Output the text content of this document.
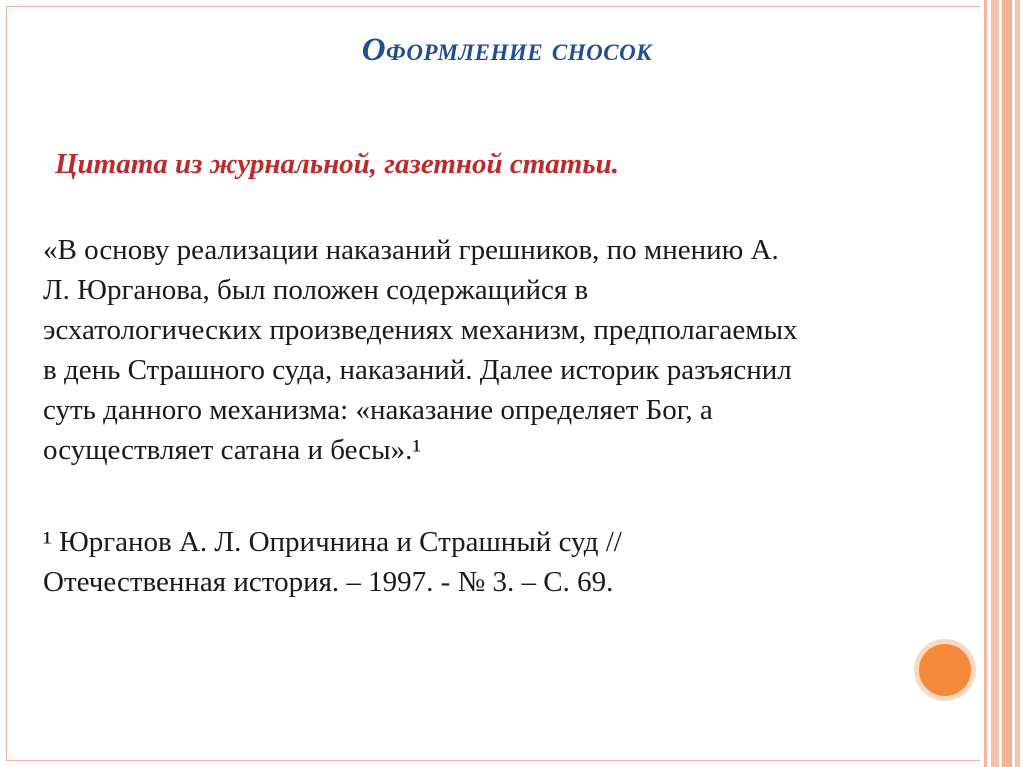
Оформление сносок
Цитата из журнальной, газетной статьи.

«В основу реализации наказаний грешников, по мнению А.
Л. Юрганова, был положен содержащийся в
эсхатологических произведениях механизм, предполагаемых
в день Страшного суда, наказаний. Далее историк разъяснил
суть данного механизма: «наказание определяет Бог, а
осуществляет сатана и бесы».¹

¹ Юрганов А. Л. Опричнина и Страшный суд //
Отечественная история. – 1997. - № 3. – С. 69.
